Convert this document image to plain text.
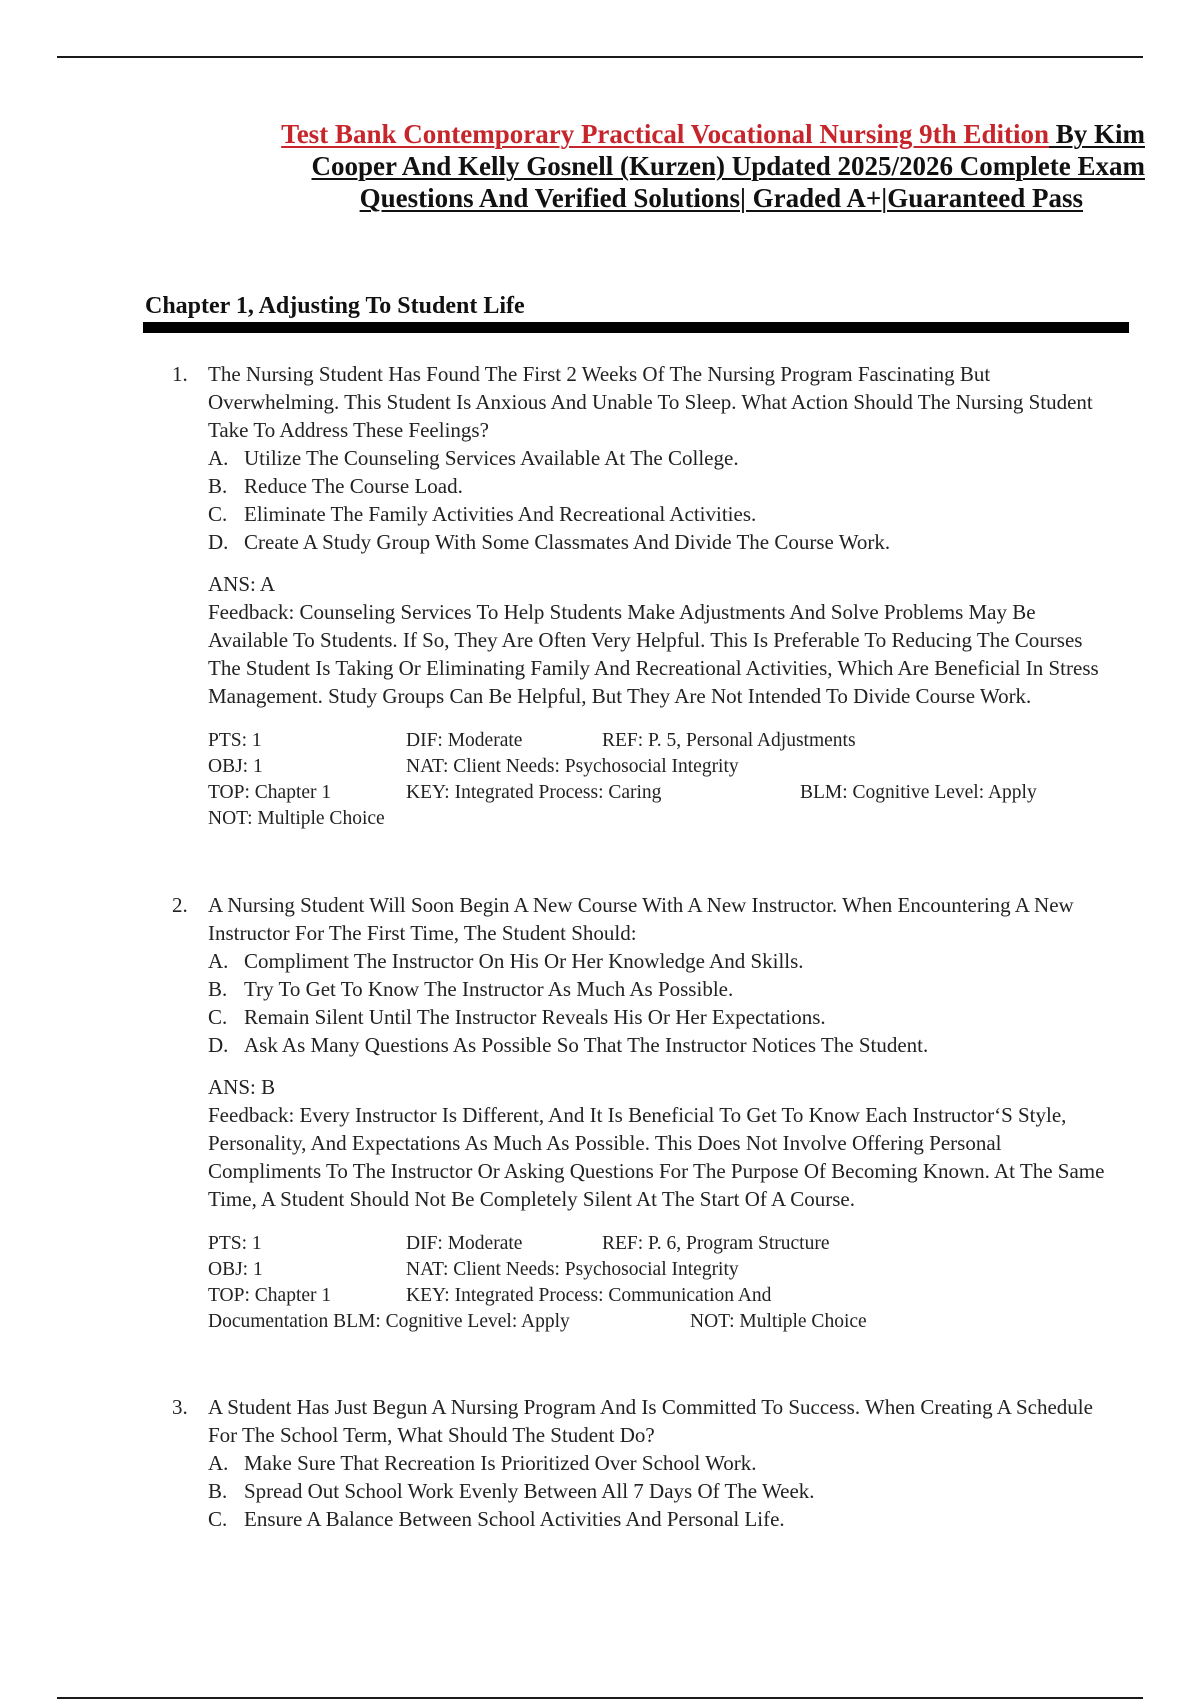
Test Bank Contemporary Practical Vocational Nursing 9th Edition By Kim
Cooper And Kelly Gosnell (Kurzen) Updated 2025/2026 Complete Exam
Questions And Verified Solutions| Graded A+|Guaranteed Pass
Chapter 1, Adjusting To Student Life
1. The Nursing Student Has Found The First 2 Weeks Of The Nursing Program Fascinating But Overwhelming. This Student Is Anxious And Unable To Sleep. What Action Should The Nursing Student Take To Address These Feelings?
A. Utilize The Counseling Services Available At The College.
B. Reduce The Course Load.
C. Eliminate The Family Activities And Recreational Activities.
D. Create A Study Group With Some Classmates And Divide The Course Work.
ANS: A
Feedback: Counseling Services To Help Students Make Adjustments And Solve Problems May Be Available To Students. If So, They Are Often Very Helpful. This Is Preferable To Reducing The Courses The Student Is Taking Or Eliminating Family And Recreational Activities, Which Are Beneficial In Stress Management. Study Groups Can Be Helpful, But They Are Not Intended To Divide Course Work.
PTS: 1	DIF: Moderate	REF: P. 5, Personal Adjustments
OBJ: 1	NAT: Client Needs: Psychosocial Integrity
TOP: Chapter 1	KEY: Integrated Process: Caring	BLM: Cognitive Level: Apply
NOT: Multiple Choice
2. A Nursing Student Will Soon Begin A New Course With A New Instructor. When Encountering A New Instructor For The First Time, The Student Should:
A. Compliment The Instructor On His Or Her Knowledge And Skills.
B. Try To Get To Know The Instructor As Much As Possible.
C. Remain Silent Until The Instructor Reveals His Or Her Expectations.
D. Ask As Many Questions As Possible So That The Instructor Notices The Student.
ANS: B
Feedback: Every Instructor Is Different, And It Is Beneficial To Get To Know Each Instructor‘S Style, Personality, And Expectations As Much As Possible. This Does Not Involve Offering Personal Compliments To The Instructor Or Asking Questions For The Purpose Of Becoming Known. At The Same Time, A Student Should Not Be Completely Silent At The Start Of A Course.
PTS: 1	DIF: Moderate	REF: P. 6, Program Structure
OBJ: 1	NAT: Client Needs: Psychosocial Integrity
TOP: Chapter 1	KEY: Integrated Process: Communication And
Documentation BLM: Cognitive Level: Apply	NOT: Multiple Choice
3. A Student Has Just Begun A Nursing Program And Is Committed To Success. When Creating A Schedule For The School Term, What Should The Student Do?
A. Make Sure That Recreation Is Prioritized Over School Work.
B. Spread Out School Work Evenly Between All 7 Days Of The Week.
C. Ensure A Balance Between School Activities And Personal Life.
